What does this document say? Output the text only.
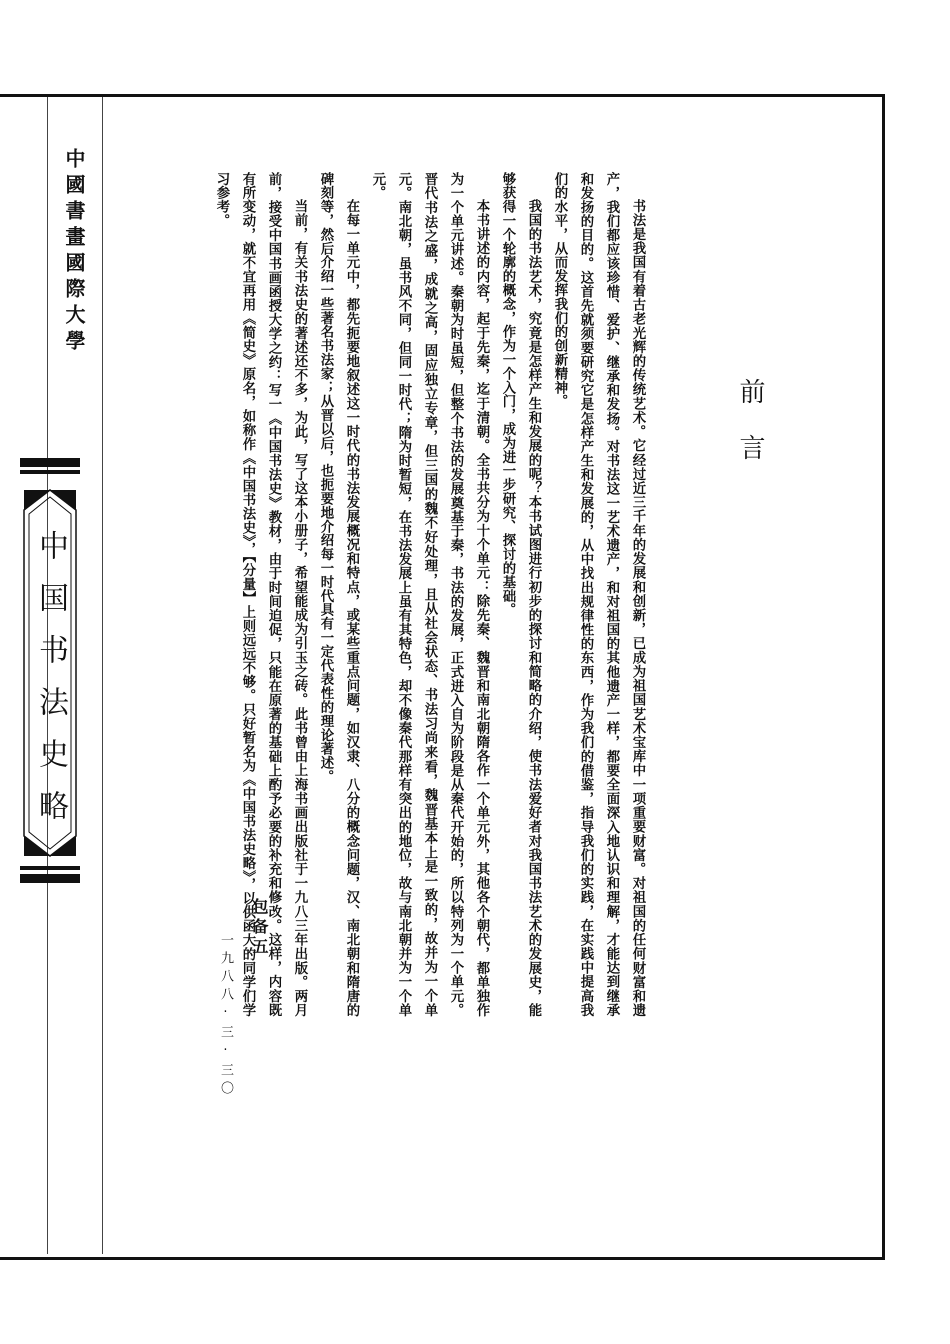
中國書畫國際大學
中国书法史略
前言

书法是我国有着古老光辉的传统艺术。它经过近三千年的发展和创新，已成为祖国艺术宝库中一项重要财富。对祖国的任何财富和遗产，我们都应该珍惜、爱护、继承和发扬。对书法这一艺术遗产，和对祖国的其他遗产一样，都要全面深入地认识和理解，才能达到继承和发扬的目的。这首先就须要研究它是怎样产生和发展的，从中找出规律性的东西，作为我们的借鉴，指导我们的实践，在实践中提高我们的水平，从而发挥我们的创新精神。

我国的书法艺术，究竟是怎样产生和发展的呢？本书试图进行初步的探讨和简略的介绍，使书法爱好者对我国书法艺术的发展史，能够获得一个轮廓的概念，作为一个入门，成为进一步研究、探讨的基础。

本书讲述的内容，起于先秦，迄于清朝。全书共分为十个单元：除先秦、魏晋和南北朝隋各作一个单元外，其他各个朝代，都单独作为一个单元讲述。秦朝为时虽短，但整个书法的发展奠基于秦，书法的发展，正式进入自为阶段是从秦代开始的，所以特列为一个单元。晋代书法之盛，成就之高，固应独立专章，但三国的魏不好处理，且从社会状态、书法习尚来看，魏晋基本上是一致的，故并为一个单元。南北朝，虽书风不同，但同一时代；隋为时暂短，在书法发展上虽有其特色，却不像秦代那样有突出的地位，故与南北朝并为一个单元。

在每一单元中，都先扼要地叙述这一时代的书法发展概况和特点，或某些重点问题，如汉隶、八分的概念问题，汉、南北朝和隋唐的碑刻等，然后介绍一些著名书法家；从晋以后，也扼要地介绍每一时代具有一定代表性的理论著述。

当前，有关书法史的著述还不多，为此，写了这本小册子，希望能成为引玉之砖。此书曾由上海书画出版社于一九八三年出版。两月前，接受中国书画函授大学之约：写一《中国书法史》教材，由于时间迫促，只能在原著的基础上酌予必要的补充和修改。这样，内容既有所变动，就不宜再用《简史》原名，如称作《中国书法史》，【分量】上则远远不够。只好暂名为《中国书法史略》，以供函大的同学们学习参考。

包备五
一九八八·三·三〇
